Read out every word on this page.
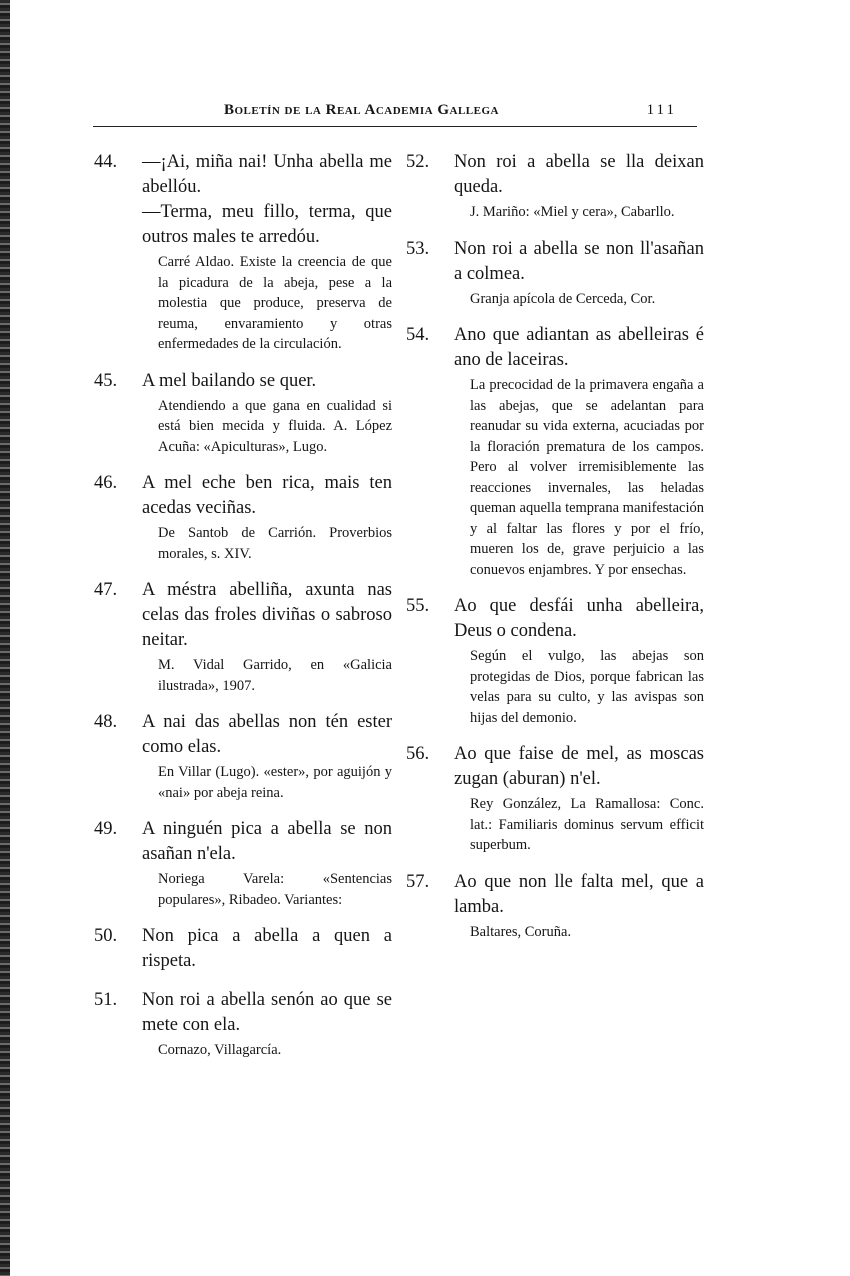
Boletín de la Real Academia Gallega	111
44.	—¡Ai, miña nai! Unha abella me abellóu.
—Terma, meu fillo, terma, que outros males te arredóu.
Carré Aldao. Existe la creencia de que la picadura de la abeja, pese a la molestia que produce, preserva de reuma, envaramiento y otras enfermedades de la circulación.
45.	A mel bailando se quer.
Atendiendo a que gana en cualidad si está bien mecida y fluida. A. López Acuña: «Apiculturas», Lugo.
46.	A mel eche ben rica, mais ten acedas veciñas.
De Santob de Carrión. Proverbios morales, s. XIV.
47.	A méstra abelliña, axunta nas celas das froles diviñas o sabroso neitar.
M. Vidal Garrido, en «Galicia ilustrada», 1907.
48.	A nai das abellas non tén ester como elas.
En Villar (Lugo). «ester», por aguijón y «nai» por abeja reina.
49.	A ninguén pica a abella se non asañan n'ela.
Noriega Varela: «Sentencias populares», Ribadeo. Variantes:
50.	Non pica a abella a quen a rispeta.
51.	Non roi a abella senón ao que se mete con ela.
Cornazo, Villagarcía.
52.	Non roi a abella se lla deixan queda.
J. Mariño: «Miel y cera», Cabarllo.
53.	Non roi a abella se non ll'asañan a colmea.
Granja apícola de Cerceda, Cor.
54.	Ano que adiantan as abelleiras é ano de laceiras.
La precocidad de la primavera engaña a las abejas, que se adelantan para reanudar su vida externa, acuciadas por la floración prematura de los campos. Pero al volver irremisiblemente las reacciones invernales, las heladas queman aquella temprana manifestación y al faltar las flores y por el frío, mueren los de, grave perjuicio a las conuevos enjambres. Y por ensechas.
55.	Ao que desfái unha abelleira, Deus o condena.
Según el vulgo, las abejas son protegidas de Dios, porque fabrican las velas para su culto, y las avispas son hijas del demonio.
56.	Ao que faise de mel, as moscas zugan (aburan) n'el.
Rey González, La Ramallosa: Conc. lat.: Familiaris dominus servum efficit superbum.
57.	Ao que non lle falta mel, que a lamba.
Baltares, Coruña.
